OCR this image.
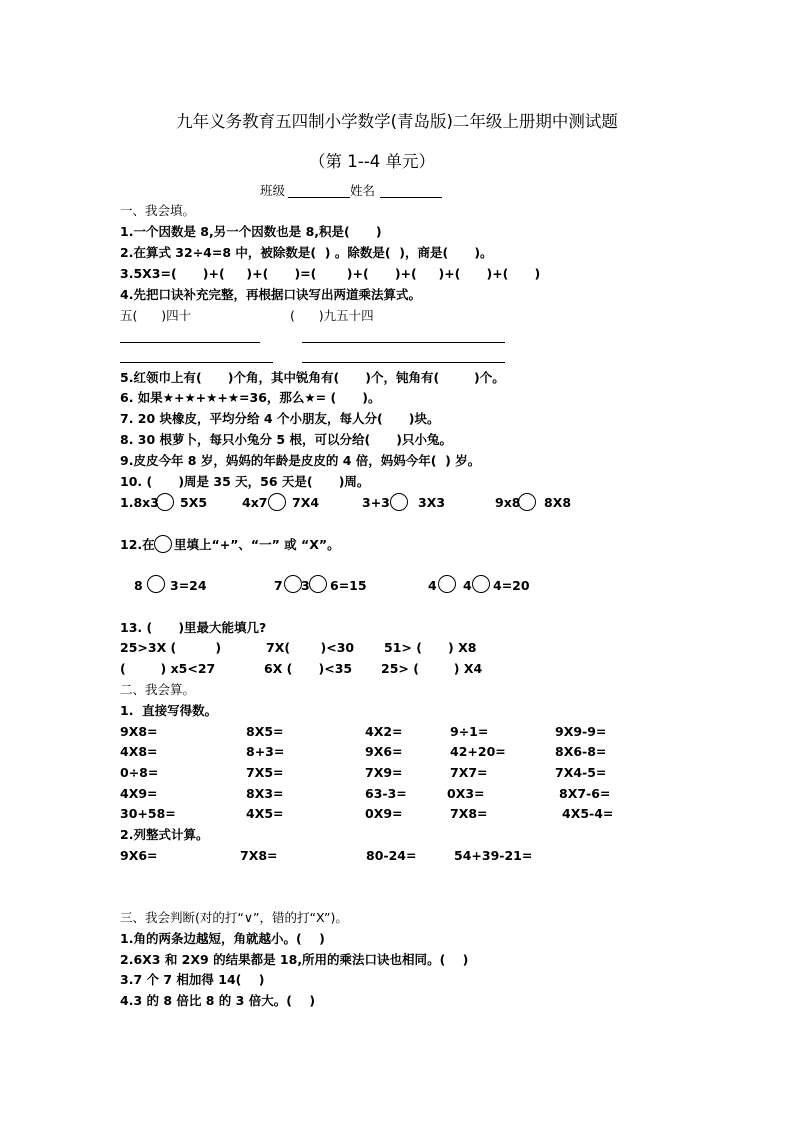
九年义务教育五四制小学数学(青岛版)二年级上册期中测试题
（第 1--4 单元）
班级	姓名
一、我会填。
1.一个因数是 8,另一个因数也是 8,积是(      )
2.在算式 32÷4=8 中，被除数是(  ) 。除数是(  )，商是(      )。
3.5X3=(      )+(     )+(      )=(       )+(      )+(     )+(      )+(      )
4.先把口诀补充完整，再根据口诀写出两道乘法算式。
五(      )四十	(      )九五十四
5.红领巾上有(      )个角，其中锐角有(      )个，钝角有(        )个。
6. 如果★+★+★+★=36，那么★= (      )。
7. 20 块橡皮，平均分给 4 个小朋友，每人分(      )块。
8. 30 根萝卜，每只小兔分 5 根，可以分给(      )只小兔。
9.皮皮今年 8 岁，妈妈的年龄是皮皮的 4 倍，妈妈今年(  ) 岁。
10. (      )周是 35 天，56 天是(      )周。
1.8x3 5X5	4x7 7X4	3+3 3X3	9x8 8X8
12.在 里填上“+”、“一” 或 “X”。
8 3=24	7 3 6=15	4 4 4=20
13. (      )里最大能填几?
25>3X (         )	7X(       )<30 51> (      ) X8
(        ) x5<27	6X (      )<35 25> (        ) X4
二、我会算。
1.  直接写得数。
9X8=	8X5=	4X2=	9÷1=	9X9-9=
4X8=	8+3=	9X6=	42+20=	8X6-8=
0÷8=	7X5=	7X9=	7X7=	7X4-5=
4X9=	8X3=	63-3=	0X3=	8X7-6=
30+58=	4X5=	0X9=	7X8=	4X5-4=
2.列整式计算。
9X6=	7X8=	80-24=	54+39-21=
三、我会判断(对的打“∨”，错的打“X”)。
1.角的两条边越短，角就越小。(    )
2.6X3 和 2X9 的结果都是 18,所用的乘法口诀也相同。(    )
3.7 个 7 相加得 14(    )
4.3 的 8 倍比 8 的 3 倍大。(    )
